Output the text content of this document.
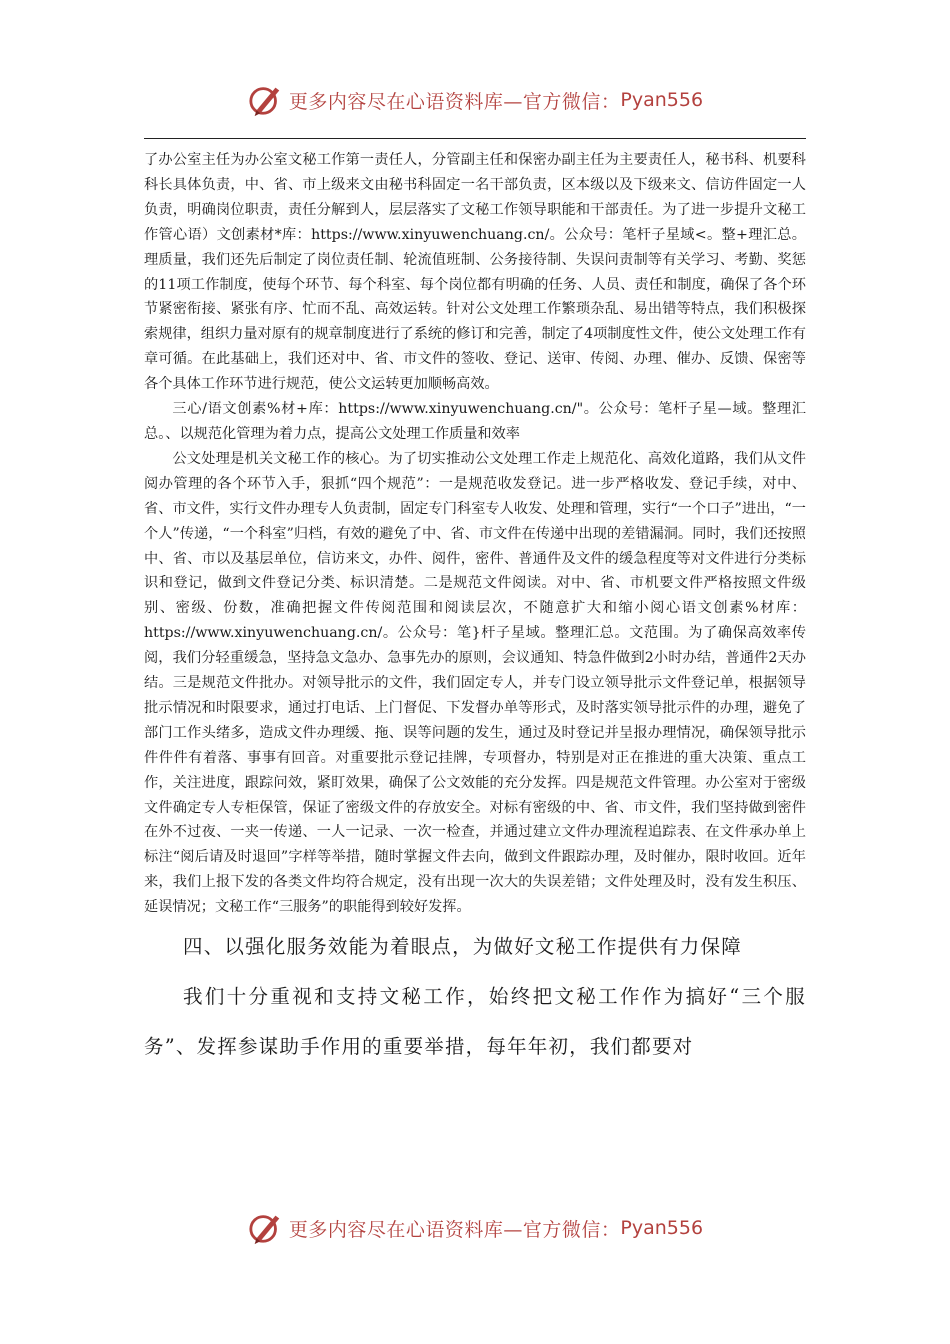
更多内容尽在心语资料库—官方微信： Pyan556

了办公室主任为办公室文秘工作第一责任人，分管副主任和保密办副主任为主要责任人，秘书科、机要科科长具体负责，中、省、市上级来文由秘书科固定一名干部负责，区本级以及下级来文、信访件固定一人负责，明确岗位职责，责任分解到人，层层落实了文秘工作领导职能和干部责任。为了进一步提升文秘工作管心语）文创素材*库：https://www.xinyuwenchuang.cn/。公众号：笔杆子星域<。整+理汇总。理质量，我们还先后制定了岗位责任制、轮流值班制、公务接待制、失误问责制等有关学习、考勤、奖惩的11项工作制度，使每个环节、每个科室、每个岗位都有明确的任务、人员、责任和制度，确保了各个环节紧密衔接、紧张有序、忙而不乱、高效运转。针对公文处理工作繁琐杂乱、易出错等特点，我们积极探索规律，组织力量对原有的规章制度进行了系统的修订和完善，制定了4项制度性文件，使公文处理工作有章可循。在此基础上，我们还对中、省、市文件的签收、登记、送审、传阅、办理、催办、反馈、保密等各个具体工作环节进行规范，使公文运转更加顺畅高效。

三心/语文创素%材+库：https://www.xinyuwenchuang.cn/"。公众号：笔杆子星—域。整理汇总。、以规范化管理为着力点，提高公文处理工作质量和效率

公文处理是机关文秘工作的核心。为了切实推动公文处理工作走上规范化、高效化道路，我们从文件阅办管理的各个环节入手，狠抓“四个规范”：一是规范收发登记。进一步严格收发、登记手续，对中、省、市文件，实行文件办理专人负责制，固定专门科室专人收发、处理和管理，实行“一个口子”进出，“一个人”传递，“一个科室”归档，有效的避免了中、省、市文件在传递中出现的差错漏洞。同时，我们还按照中、省、市以及基层单位，信访来文，办件、阅件，密件、普通件及文件的缓急程度等对文件进行分类标识和登记，做到文件登记分类、标识清楚。二是规范文件阅读。对中、省、市机要文件严格按照文件级别、密级、份数，准确把握文件传阅范围和阅读层次，不随意扩大和缩小阅心语文创素%材库：https://www.xinyuwenchuang.cn/。公众号：笔}杆子星域。整理汇总。文范围。为了确保高效率传阅，我们分轻重缓急，坚持急文急办、急事先办的原则，会议通知、特急件做到2小时办结，普通件2天办结。三是规范文件批办。对领导批示的文件，我们固定专人，并专门设立领导批示文件登记单，根据领导批示情况和时限要求，通过打电话、上门督促、下发督办单等形式，及时落实领导批示件的办理，避免了部门工作头绪多，造成文件办理缓、拖、误等问题的发生，通过及时登记并呈报办理情况，确保领导批示件件件有着落、事事有回音。对重要批示登记挂牌，专项督办，特别是对正在推进的重大决策、重点工作，关注进度，跟踪问效，紧盯效果，确保了公文效能的充分发挥。四是规范文件管理。办公室对于密级文件确定专人专柜保管，保证了密级文件的存放安全。对标有密级的中、省、市文件，我们坚持做到密件在外不过夜、一夹一传递、一人一记录、一次一检查，并通过建立文件办理流程追踪表、在文件承办单上标注“阅后请及时退回”字样等举措，随时掌握文件去向，做到文件跟踪办理，及时催办，限时收回。近年来，我们上报下发的各类文件均符合规定，没有出现一次大的失误差错；文件处理及时，没有发生积压、延误情况；文秘工作“三服务”的职能得到较好发挥。

四、以强化服务效能为着眼点，为做好文秘工作提供有力保障

我们十分重视和支持文秘工作，始终把文秘工作作为搞好“三个服务”、发挥参谋助手作用的重要举措，每年年初，我们都要对

更多内容尽在心语资料库—官方微信： Pyan556
